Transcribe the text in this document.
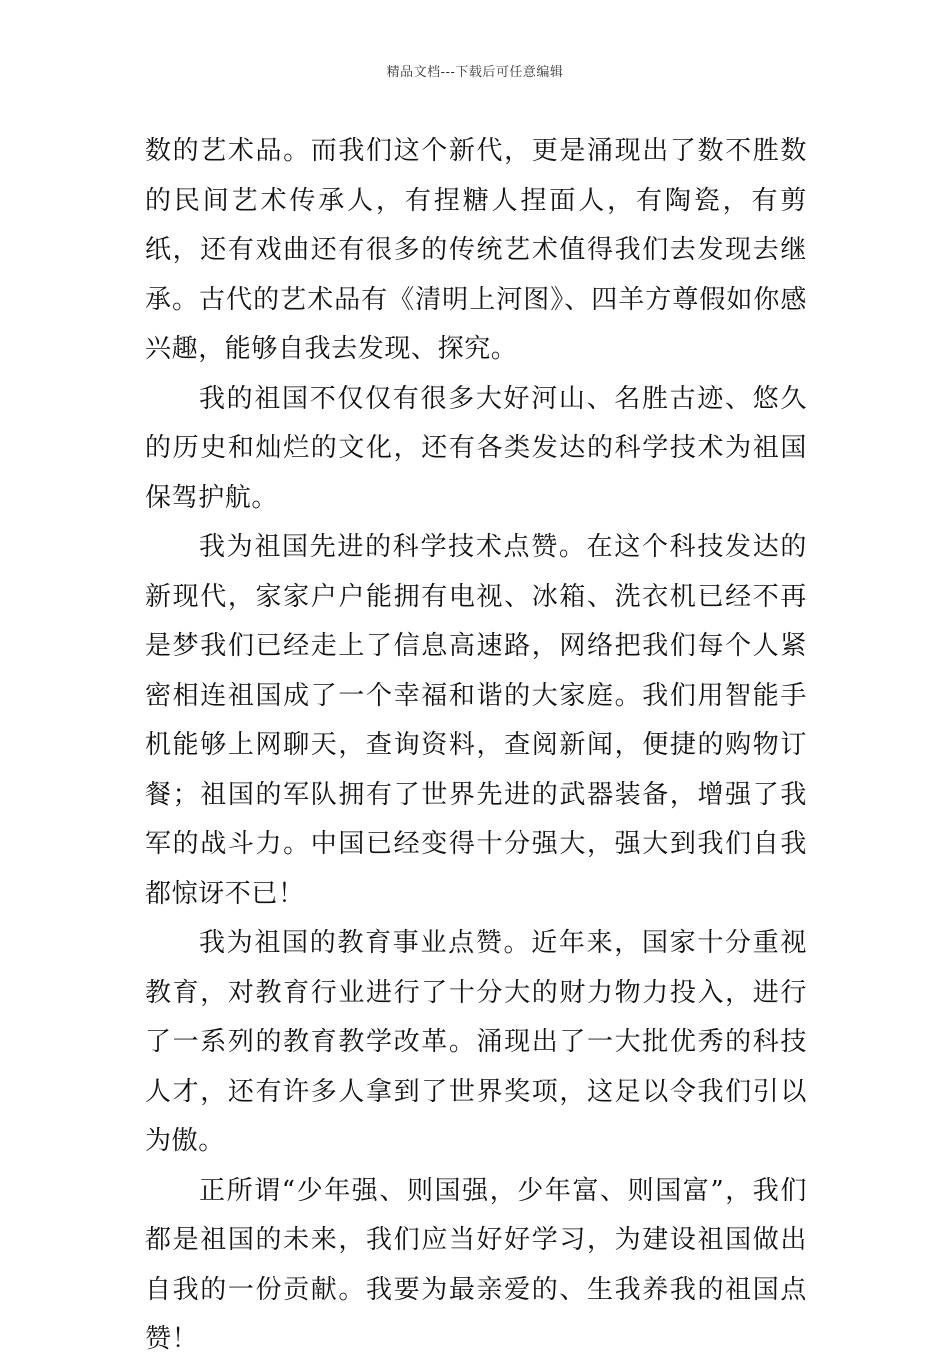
精品文档---下载后可任意编辑

数的艺术品。而我们这个新代，更是涌现出了数不胜数的民间艺术传承人，有捏糖人捏面人，有陶瓷，有剪纸，还有戏曲还有很多的传统艺术值得我们去发现去继承。古代的艺术品有《清明上河图》、四羊方尊假如你感兴趣，能够自我去发现、探究。

我的祖国不仅仅有很多大好河山、名胜古迹、悠久的历史和灿烂的文化，还有各类发达的科学技术为祖国保驾护航。

我为祖国先进的科学技术点赞。在这个科技发达的新现代，家家户户能拥有电视、冰箱、洗衣机已经不再是梦我们已经走上了信息高速路，网络把我们每个人紧密相连祖国成了一个幸福和谐的大家庭。我们用智能手机能够上网聊天，查询资料，查阅新闻，便捷的购物订餐；祖国的军队拥有了世界先进的武器装备，增强了我军的战斗力。中国已经变得十分强大，强大到我们自我都惊讶不已！

我为祖国的教育事业点赞。近年来，国家十分重视教育，对教育行业进行了十分大的财力物力投入，进行了一系列的教育教学改革。涌现出了一大批优秀的科技人才，还有许多人拿到了世界奖项，这足以令我们引以为傲。

正所谓“少年强、则国强，少年富、则国富”，我们都是祖国的未来，我们应当好好学习，为建设祖国做出自我的一份贡献。我要为最亲爱的、生我养我的祖国点赞！
